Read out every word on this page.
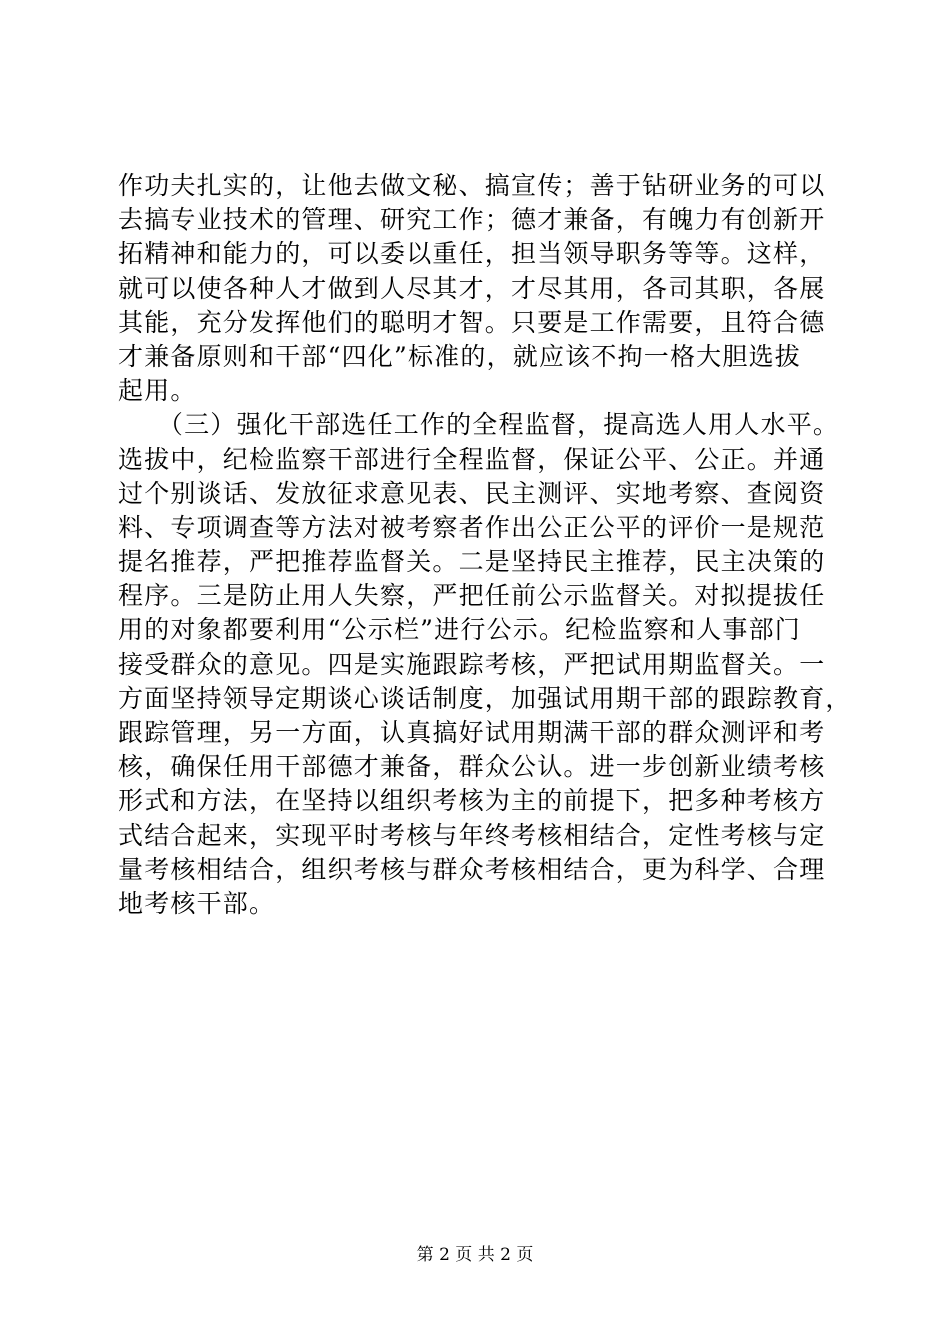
作功夫扎实的，让他去做文秘、搞宣传；善于钻研业务的可以
去搞专业技术的管理、研究工作；德才兼备，有魄力有创新开
拓精神和能力的，可以委以重任，担当领导职务等等。这样，
就可以使各种人才做到人尽其才，才尽其用，各司其职，各展
其能，充分发挥他们的聪明才智。只要是工作需要，且符合德
才兼备原则和干部“四化”标准的，就应该不拘一格大胆选拔
起用。
　　（三）强化干部选任工作的全程监督，提高选人用人水平。
选拔中，纪检监察干部进行全程监督，保证公平、公正。并通
过个别谈话、发放征求意见表、民主测评、实地考察、查阅资
料、专项调查等方法对被考察者作出公正公平的评价一是规范
提名推荐，严把推荐监督关。二是坚持民主推荐，民主决策的
程序。三是防止用人失察，严把任前公示监督关。对拟提拔任
用的对象都要利用“公示栏”进行公示。纪检监察和人事部门
接受群众的意见。四是实施跟踪考核，严把试用期监督关。一
方面坚持领导定期谈心谈话制度，加强试用期干部的跟踪教育，
跟踪管理，另一方面，认真搞好试用期满干部的群众测评和考
核，确保任用干部德才兼备，群众公认。进一步创新业绩考核
形式和方法，在坚持以组织考核为主的前提下，把多种考核方
式结合起来，实现平时考核与年终考核相结合，定性考核与定
量考核相结合，组织考核与群众考核相结合，更为科学、合理
地考核干部。
第 2 页 共 2 页
